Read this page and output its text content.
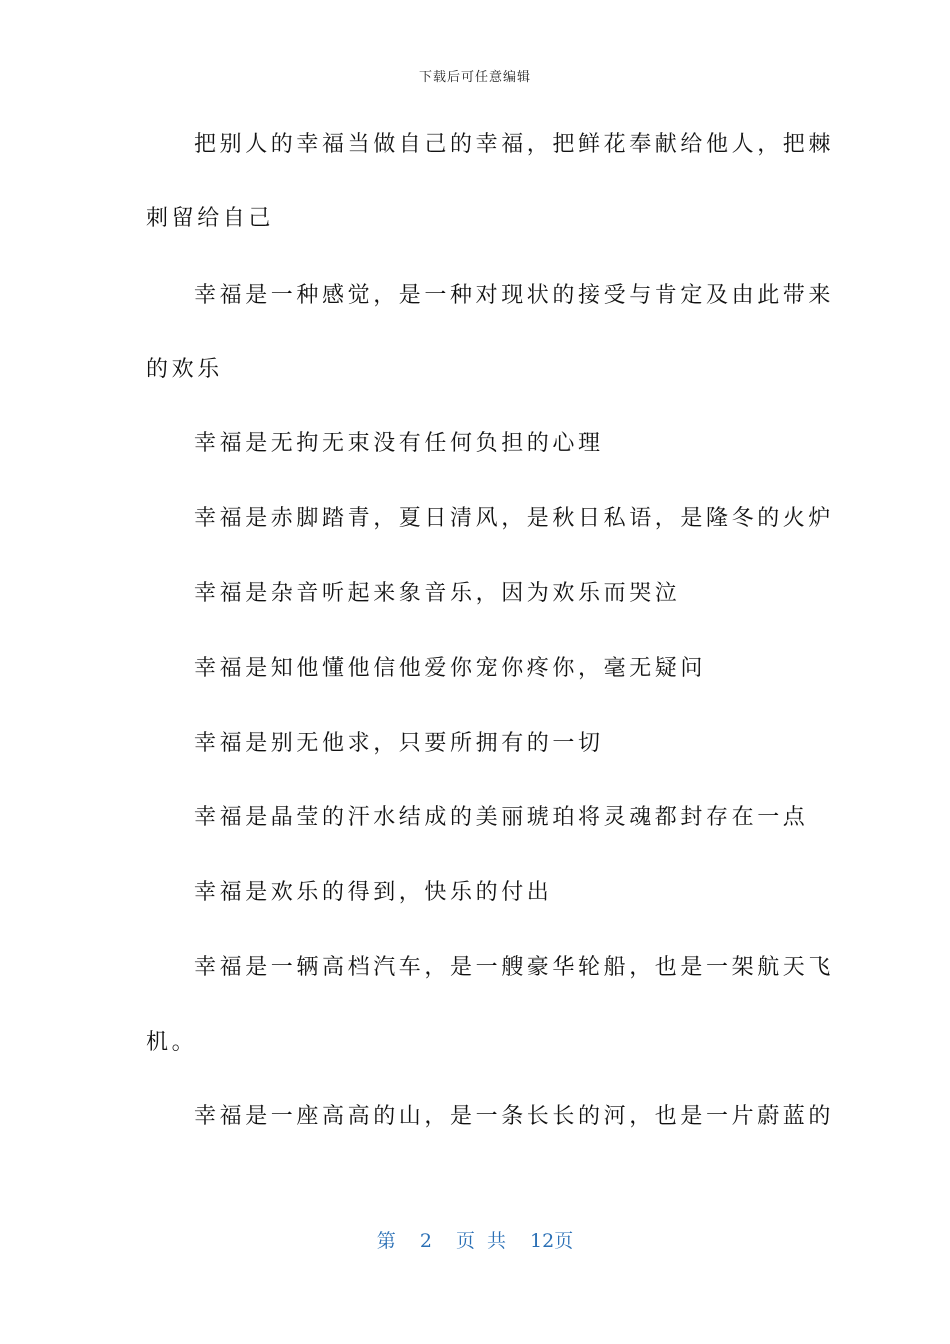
下载后可任意编辑
把别人的幸福当做自己的幸福，把鲜花奉献给他人，把棘
刺留给自己
幸福是一种感觉，是一种对现状的接受与肯定及由此带来
的欢乐
幸福是无拘无束没有任何负担的心理
幸福是赤脚踏青，夏日清风，是秋日私语，是隆冬的火炉
幸福是杂音听起来象音乐，因为欢乐而哭泣
幸福是知他懂他信他爱你宠你疼你，毫无疑问
幸福是别无他求，只要所拥有的一切
幸福是晶莹的汗水结成的美丽琥珀将灵魂都封存在一点
幸福是欢乐的得到，快乐的付出
幸福是一辆高档汽车，是一艘豪华轮船，也是一架航天飞
机。
幸福是一座高高的山，是一条长长的河，也是一片蔚蓝的
第 2 页 共 12页
